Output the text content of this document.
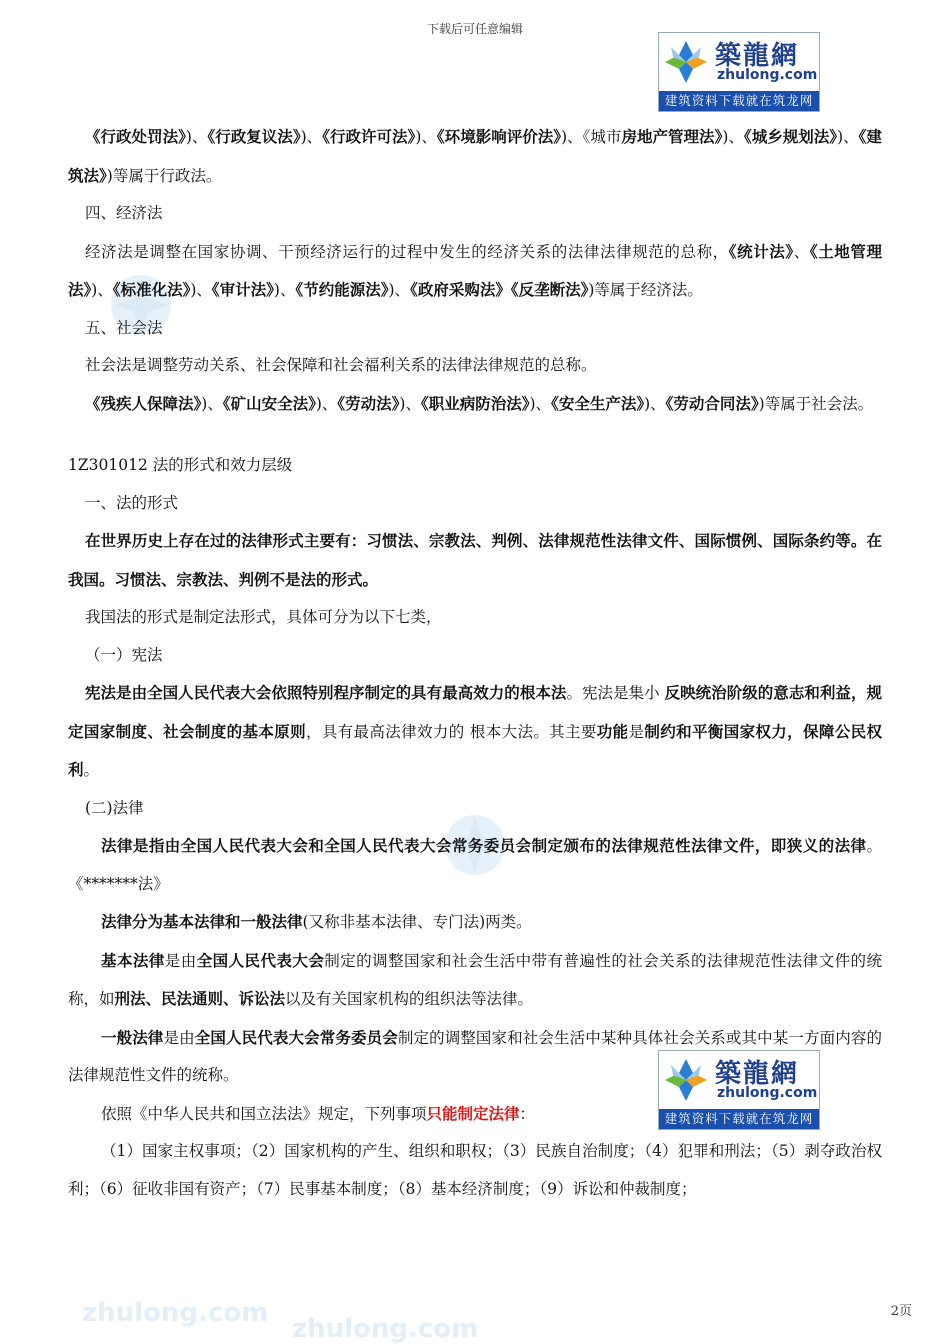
下载后可任意编辑
築龍網
zhulong.com
建筑资料下载就在筑龙网
zhulong.com
zhulong.com

《行政处罚法》)、《行政复议法》)、《行政许可法》)、《环境影响评价法》)、《城市房地产管理法》)、《城乡规划法》)、《建筑法》)等属于行政法。

四、经济法

经济法是调整在国家协调、干预经济运行的过程中发生的经济关系的法律法律规范的总称，《统计法》、《土地管理法》)、《标准化法》)、《审计法》)、《节约能源法》)、《政府采购法》《反垄断法》)等属于经济法。

五、社会法

社会法是调整劳动关系、社会保障和社会福利关系的法律法律规范的总称。

《残疾人保障法》)、《矿山安全法》)、《劳动法》)、《职业病防治法》)、《安全生产法》)、《劳动合同法》)等属于社会法。

1Z301012 法的形式和效力层级

一、法的形式

在世界历史上存在过的法律形式主要有：习惯法、宗教法、判例、法律规范性法律文件、国际惯例、国际条约等。在我国。习惯法、宗教法、判例不是法的形式。

我国法的形式是制定法形式，具体可分为以下七类，

（一）宪法

宪法是由全国人民代表大会依照特别程序制定的具有最高效力的根本法。宪法是集小 反映统治阶级的意志和利益，规定国家制度、社会制度的基本原则，具有最高法律效力的 根本大法。其主要功能是制约和平衡国家权力，保障公民权利。

(二)法律

法律是指由全国人民代表大会和全国人民代表大会常务委员会制定颁布的法律规范性法律文件，即狭义的法律。《*******法》

法律分为基本法律和一般法律(又称非基本法律、专门法)两类。

基本法律是由全国人民代表大会制定的调整国家和社会生活中带有普遍性的社会关系的法律规范性法律文件的统称，如刑法、民法通则、诉讼法以及有关国家机构的组织法等法律。

一般法律是由全国人民代表大会常务委员会制定的调整国家和社会生活中某种具体社会关系或其中某一方面内容的法律规范性文件的统称。

依照《中华人民共和国立法法》规定，下列事项只能制定法律：

（1）国家主权事项；（2）国家机构的产生、组织和职权；（3）民族自治制度；（4）犯罪和刑法；（5）剥夺政治权利；（6）征收非国有资产；（7）民事基本制度；（8）基本经济制度；（9）诉讼和仲裁制度；

築龍網
zhulong.com
建筑资料下载就在筑龙网
2页
